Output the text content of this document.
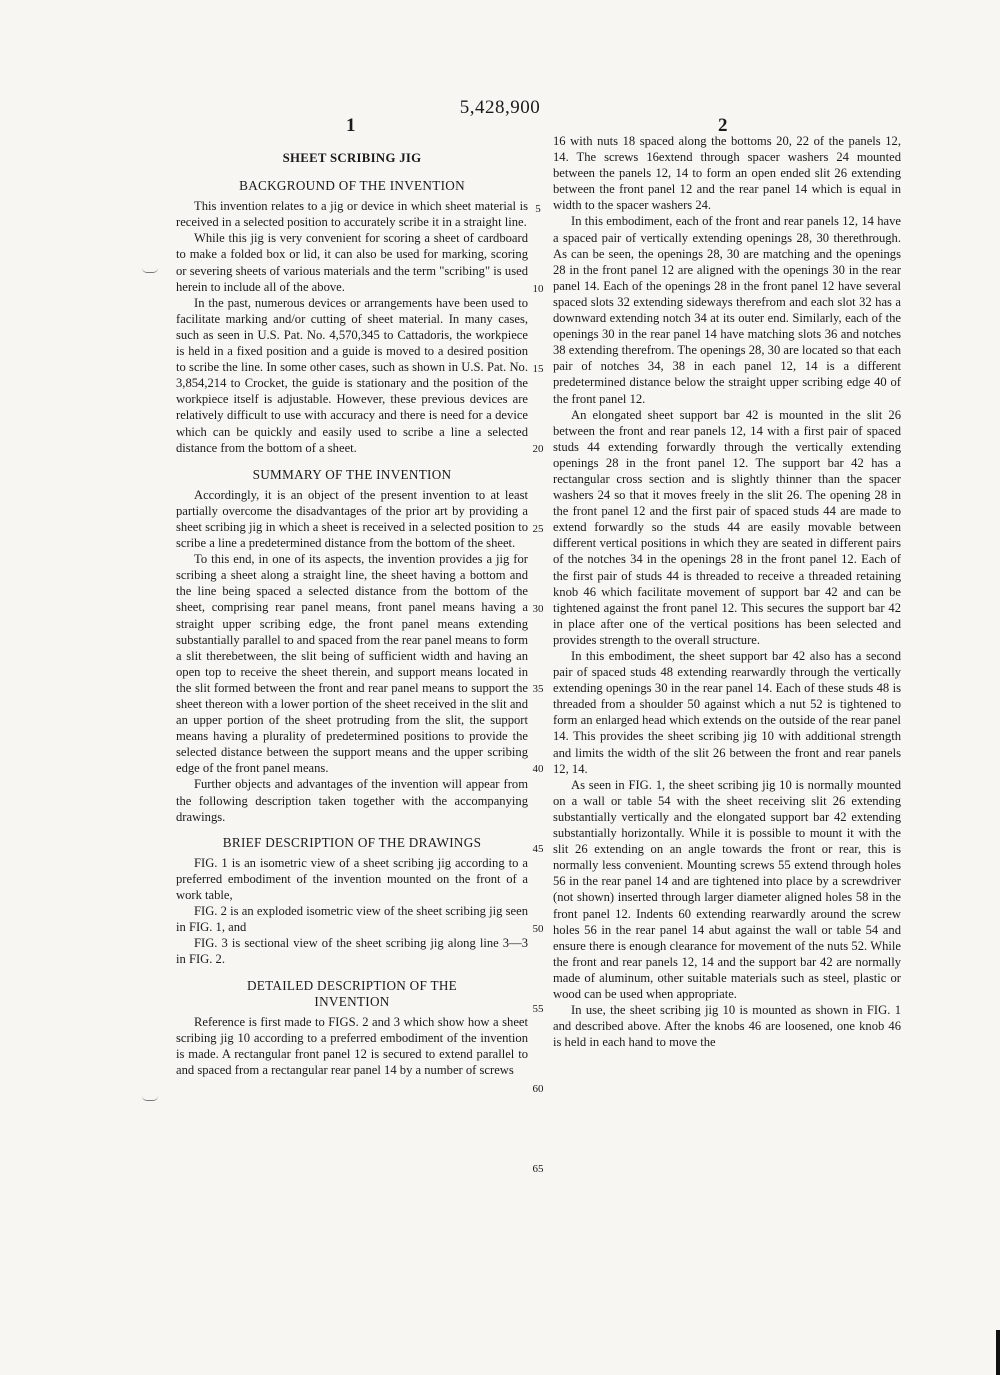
5,428,900
1	2
SHEET SCRIBING JIG
BACKGROUND OF THE INVENTION

This invention relates to a jig or device in which sheet material is received in a selected position to accurately scribe it in a straight line.

While this jig is very convenient for scoring a sheet of cardboard to make a folded box or lid, it can also be used for marking, scoring or severing sheets of various materials and the term "scribing" is used herein to include all of the above.

In the past, numerous devices or arrangements have been used to facilitate marking and/or cutting of sheet material. In many cases, such as seen in U.S. Pat. No. 4,570,345 to Cattadoris, the workpiece is held in a fixed position and a guide is moved to a desired position to scribe the line. In some other cases, such as shown in U.S. Pat. No. 3,854,214 to Crocket, the guide is stationary and the position of the workpiece itself is adjustable. However, these previous devices are relatively difficult to use with accuracy and there is need for a device which can be quickly and easily used to scribe a line a selected distance from the bottom of a sheet.

SUMMARY OF THE INVENTION

Accordingly, it is an object of the present invention to at least partially overcome the disadvantages of the prior art by providing a sheet scribing jig in which a sheet is received in a selected position to scribe a line a predetermined distance from the bottom of the sheet.

To this end, in one of its aspects, the invention provides a jig for scribing a sheet along a straight line, the sheet having a bottom and the line being spaced a selected distance from the bottom of the sheet, comprising rear panel means, front panel means having a straight upper scribing edge, the front panel means extending substantially parallel to and spaced from the rear panel means to form a slit therebetween, the slit being of sufficient width and having an open top to receive the sheet therein, and support means located in the slit formed between the front and rear panel means to support the sheet thereon with a lower portion of the sheet received in the slit and an upper portion of the sheet protruding from the slit, the support means having a plurality of predetermined positions to provide the selected distance between the support means and the upper scribing edge of the front panel means.

Further objects and advantages of the invention will appear from the following description taken together with the accompanying drawings.

BRIEF DESCRIPTION OF THE DRAWINGS

FIG. 1 is an isometric view of a sheet scribing jig according to a preferred embodiment of the invention mounted on the front of a work table,

FIG. 2 is an exploded isometric view of the sheet scribing jig seen in FIG. 1, and

FIG. 3 is sectional view of the sheet scribing jig along line 3—3 in FIG. 2.

DETAILED DESCRIPTION OF THE
INVENTION

Reference is first made to FIGS. 2 and 3 which show how a sheet scribing jig 10 according to a preferred embodiment of the invention is made. A rectangular front panel 12 is secured to extend parallel to and spaced from a rectangular rear panel 14 by a number of screws

16 with nuts 18 spaced along the bottoms 20, 22 of the panels 12, 14. The screws 16extend through spacer washers 24 mounted between the panels 12, 14 to form an open ended slit 26 extending between the front panel 12 and the rear panel 14 which is equal in width to the spacer washers 24.

In this embodiment, each of the front and rear panels 12, 14 have a spaced pair of vertically extending openings 28, 30 therethrough. As can be seen, the openings 28, 30 are matching and the openings 28 in the front panel 12 are aligned with the openings 30 in the rear panel 14. Each of the openings 28 in the front panel 12 have several spaced slots 32 extending sideways therefrom and each slot 32 has a downward extending notch 34 at its outer end. Similarly, each of the openings 30 in the rear panel 14 have matching slots 36 and notches 38 extending therefrom. The openings 28, 30 are located so that each pair of notches 34, 38 in each panel 12, 14 is a different predetermined distance below the straight upper scribing edge 40 of the front panel 12.

An elongated sheet support bar 42 is mounted in the slit 26 between the front and rear panels 12, 14 with a first pair of spaced studs 44 extending forwardly through the vertically extending openings 28 in the front panel 12. The support bar 42 has a rectangular cross section and is slightly thinner than the spacer washers 24 so that it moves freely in the slit 26. The opening 28 in the front panel 12 and the first pair of spaced studs 44 are made to extend forwardly so the studs 44 are easily movable between different vertical positions in which they are seated in different pairs of the notches 34 in the openings 28 in the front panel 12. Each of the first pair of studs 44 is threaded to receive a threaded retaining knob 46 which facilitate movement of support bar 42 and can be tightened against the front panel 12. This secures the support bar 42 in place after one of the vertical positions has been selected and provides strength to the overall structure.

In this embodiment, the sheet support bar 42 also has a second pair of spaced studs 48 extending rearwardly through the vertically extending openings 30 in the rear panel 14. Each of these studs 48 is threaded from a shoulder 50 against which a nut 52 is tightened to form an enlarged head which extends on the outside of the rear panel 14. This provides the sheet scribing jig 10 with additional strength and limits the width of the slit 26 between the front and rear panels 12, 14.

As seen in FIG. 1, the sheet scribing jig 10 is normally mounted on a wall or table 54 with the sheet receiving slit 26 extending substantially vertically and the elongated support bar 42 extending substantially horizontally. While it is possible to mount it with the slit 26 extending on an angle towards the front or rear, this is normally less convenient. Mounting screws 55 extend through holes 56 in the rear panel 14 and are tightened into place by a screwdriver (not shown) inserted through larger diameter aligned holes 58 in the front panel 12. Indents 60 extending rearwardly around the screw holes 56 in the rear panel 14 abut against the wall or table 54 and ensure there is enough clearance for movement of the nuts 52. While the front and rear panels 12, 14 and the support bar 42 are normally made of aluminum, other suitable materials such as steel, plastic or wood can be used when appropriate.

In use, the sheet scribing jig 10 is mounted as shown in FIG. 1 and described above. After the knobs 46 are loosened, one knob 46 is held in each hand to move the

5
10
15
20
25
30
35
40
45
50
55
60
65
